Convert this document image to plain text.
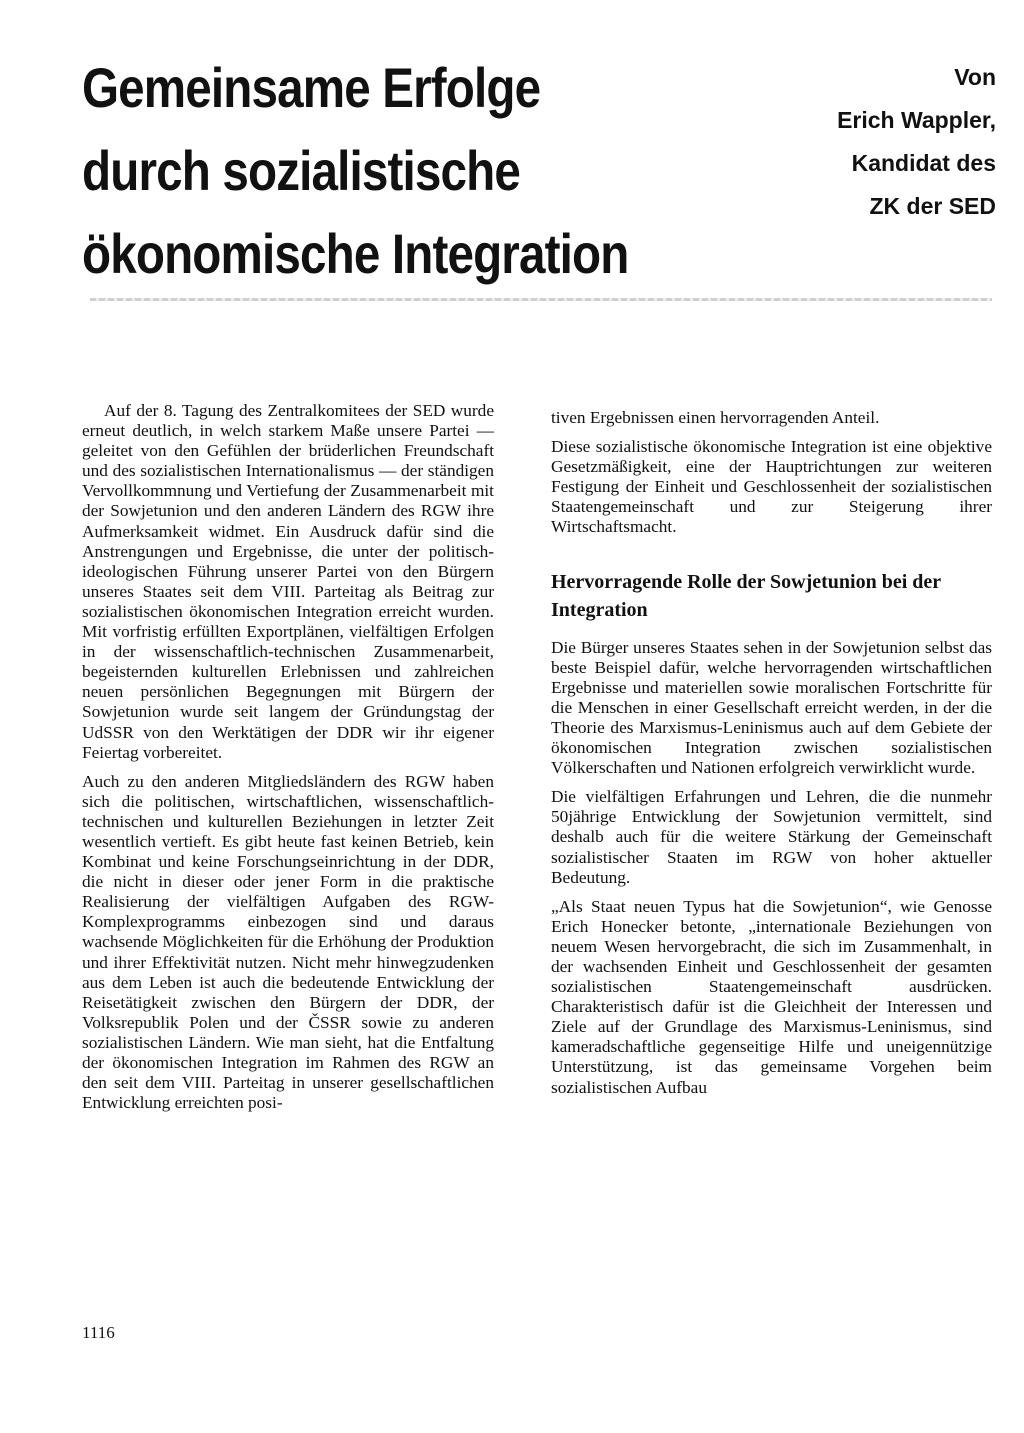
Gemeinsame Erfolge
durch sozialistische
ökonomische Integration
Von
Erich Wappler,
Kandidat des
ZK der SED

Auf der 8. Tagung des Zentralkomitees der SED wurde erneut deutlich, in welch starkem Maße unsere Partei — geleitet von den Gefühlen der brüderlichen Freundschaft und des sozialistischen Internationalismus — der ständigen Vervollkommnung und Vertiefung der Zusammenarbeit mit der Sowjetunion und den anderen Ländern des RGW ihre Aufmerksamkeit widmet. Ein Ausdruck dafür sind die Anstrengungen und Ergebnisse, die unter der politisch-ideologischen Führung unserer Partei von den Bürgern unseres Staates seit dem VIII. Parteitag als Beitrag zur sozialistischen ökonomischen Integration erreicht wurden. Mit vorfristig erfüllten Exportplänen, vielfältigen Erfolgen in der wissenschaftlich-technischen Zusammenarbeit, begeisternden kulturellen Erlebnissen und zahlreichen neuen persönlichen Begegnungen mit Bürgern der Sowjetunion wurde seit langem der Gründungstag der UdSSR von den Werktätigen der DDR wir ihr eigener Feiertag vorbereitet.

Auch zu den anderen Mitgliedsländern des RGW haben sich die politischen, wirtschaftlichen, wissenschaftlich-technischen und kulturellen Beziehungen in letzter Zeit wesentlich vertieft. Es gibt heute fast keinen Betrieb, kein Kombinat und keine Forschungseinrichtung in der DDR, die nicht in dieser oder jener Form in die praktische Realisierung der vielfältigen Aufgaben des RGW-Komplexprogramms einbezogen sind und daraus wachsende Möglichkeiten für die Erhöhung der Produktion und ihrer Effektivität nutzen. Nicht mehr hinwegzudenken aus dem Leben ist auch die bedeutende Entwicklung der Reisetätigkeit zwischen den Bürgern der DDR, der Volksrepublik Polen und der ČSSR sowie zu anderen sozialistischen Ländern. Wie man sieht, hat die Entfaltung der ökonomischen Integration im Rahmen des RGW an den seit dem VIII. Parteitag in unserer gesellschaftlichen Entwicklung erreichten posi-

tiven Ergebnissen einen hervorragenden Anteil.

Diese sozialistische ökonomische Integration ist eine objektive Gesetzmäßigkeit, eine der Hauptrichtungen zur weiteren Festigung der Einheit und Geschlossenheit der sozialistischen Staatengemeinschaft und zur Steigerung ihrer Wirtschaftsmacht.

Hervorragende Rolle der Sowjetunion bei der Integration

Die Bürger unseres Staates sehen in der Sowjetunion selbst das beste Beispiel dafür, welche hervorragenden wirtschaftlichen Ergebnisse und materiellen sowie moralischen Fortschritte für die Menschen in einer Gesellschaft erreicht werden, in der die Theorie des Marxismus-Leninismus auch auf dem Gebiete der ökonomischen Integration zwischen sozialistischen Völkerschaften und Nationen erfolgreich verwirklicht wurde.

Die vielfältigen Erfahrungen und Lehren, die die nunmehr 50jährige Entwicklung der Sowjetunion vermittelt, sind deshalb auch für die weitere Stärkung der Gemeinschaft sozialistischer Staaten im RGW von hoher aktueller Bedeutung.

„Als Staat neuen Typus hat die Sowjetunion“, wie Genosse Erich Honecker betonte, „internationale Beziehungen von neuem Wesen hervorgebracht, die sich im Zusammenhalt, in der wachsenden Einheit und Geschlossenheit der gesamten sozialistischen Staatengemeinschaft ausdrücken. Charakteristisch dafür ist die Gleichheit der Interessen und Ziele auf der Grundlage des Marxismus-Leninismus, sind kameradschaftliche gegenseitige Hilfe und uneigennützige Unterstützung, ist das gemeinsame Vorgehen beim sozialistischen Aufbau

1116
